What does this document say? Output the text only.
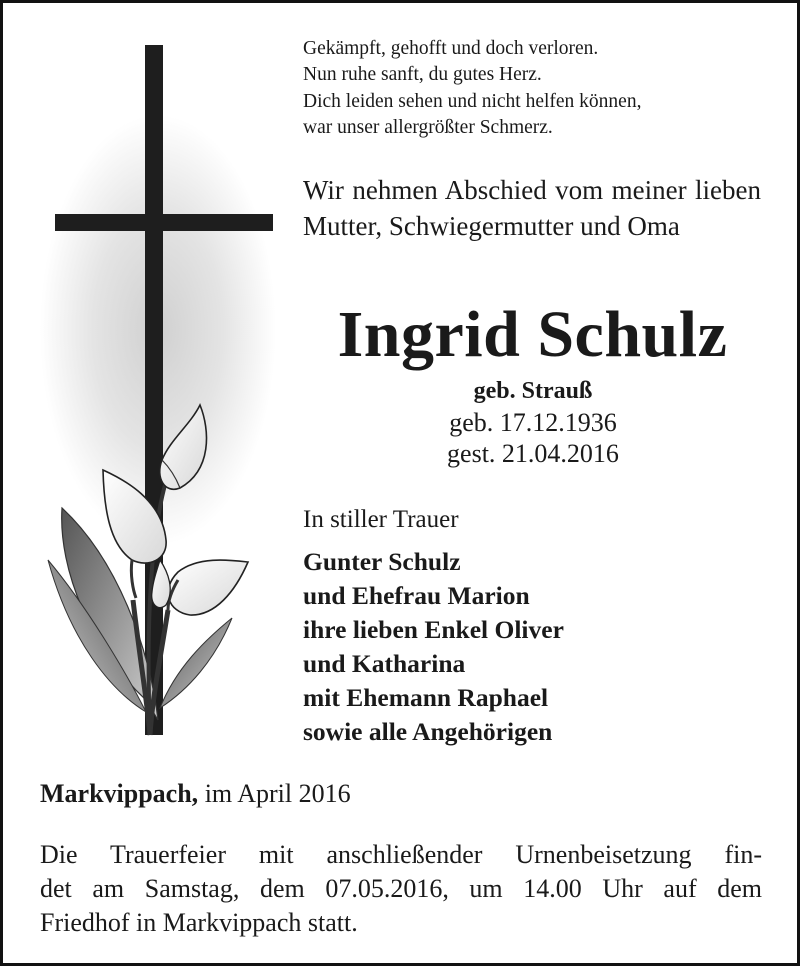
Gekämpft, gehofft und doch verloren.
Nun ruhe sanft, du gutes Herz.
Dich leiden sehen und nicht helfen können,
war unser allergrößter Schmerz.
Wir nehmen Abschied vom meiner lieben Mutter, Schwiegermutter und Oma
Ingrid Schulz
geb. Strauß
geb. 17.12.1936
gest. 21.04.2016
In stiller Trauer
Gunter Schulz
und Ehefrau Marion
ihre lieben Enkel Oliver
und Katharina
mit Ehemann Raphael
sowie alle Angehörigen
Markvippach, im April 2016
Die Trauerfeier mit anschließender Urnenbeisetzung fin-
det am Samstag, dem 07.05.2016, um 14.00 Uhr auf dem
Friedhof in Markvippach statt.
